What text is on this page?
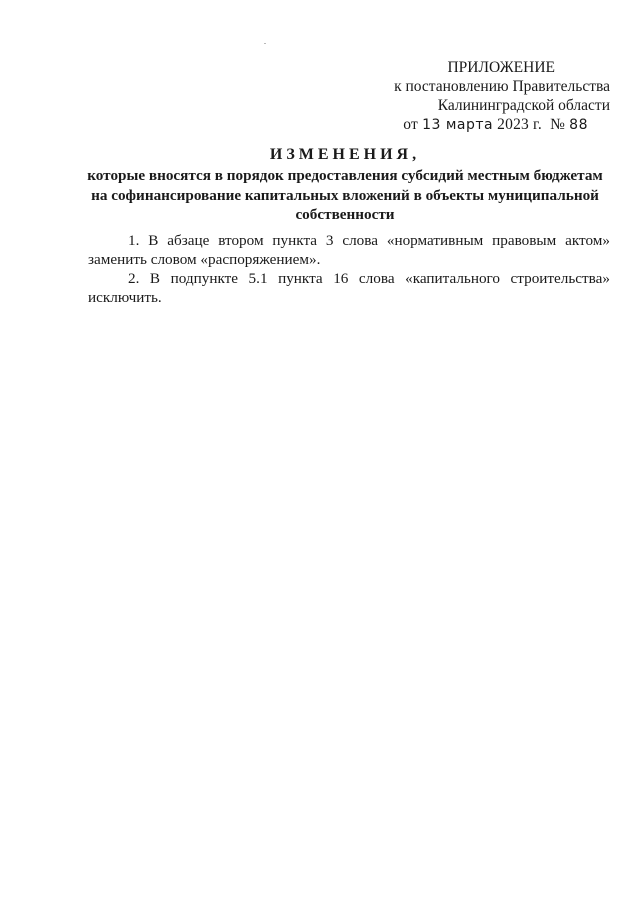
ПРИЛОЖЕНИЕ
к постановлению Правительства
Калининградской области
от 13 марта 2023 г. № 88
ИЗМЕНЕНИЯ,
которые вносятся в порядок предоставления субсидий местным бюджетам
на софинансирование капитальных вложений в объекты муниципальной
собственности

1. В абзаце втором пункта 3 слова «нормативным правовым актом» заменить словом «распоряжением».

2. В подпункте 5.1 пункта 16 слова «капитального строительства» исключить.
